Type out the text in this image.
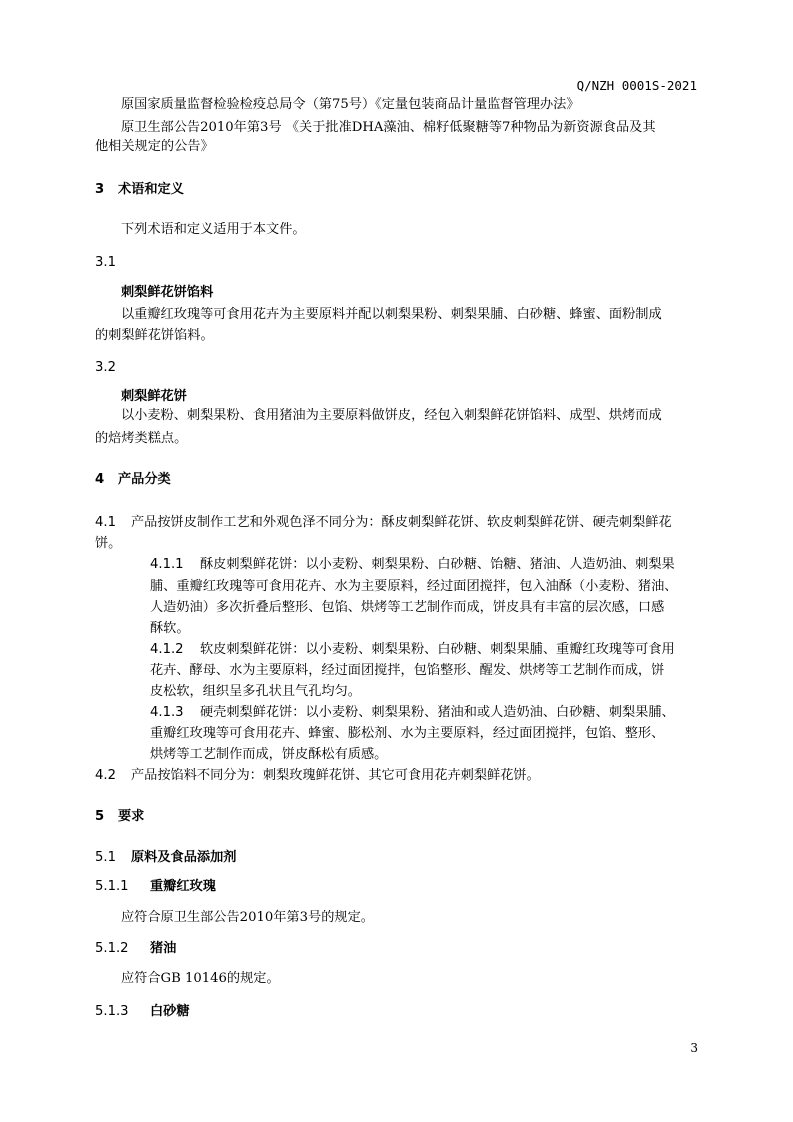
Q/NZH 0001S-2021
原国家质量监督检验检疫总局令（第75号）《定量包装商品计量监督管理办法》
原卫生部公告2010年第3号 《关于批准DHA藻油、棉籽低聚糖等7种物品为新资源食品及其
他相关规定的公告》
3 术语和定义
下列术语和定义适用于本文件。
3.1
刺梨鲜花饼馅料
以重瓣红玫瑰等可食用花卉为主要原料并配以刺梨果粉、刺梨果脯、白砂糖、蜂蜜、面粉制成
的刺梨鲜花饼馅料。
3.2
刺梨鲜花饼
以小麦粉、刺梨果粉、食用猪油为主要原料做饼皮，经包入刺梨鲜花饼馅料、成型、烘烤而成
的焙烤类糕点。
4 产品分类
4.1 产品按饼皮制作工艺和外观色泽不同分为：酥皮刺梨鲜花饼、软皮刺梨鲜花饼、硬壳刺梨鲜花
饼。
4.1.1 酥皮刺梨鲜花饼：以小麦粉、刺梨果粉、白砂糖、饴糖、猪油、人造奶油、刺梨果
脯、重瓣红玫瑰等可食用花卉、水为主要原料，经过面团搅拌，包入油酥（小麦粉、猪油、
人造奶油）多次折叠后整形、包馅、烘烤等工艺制作而成，饼皮具有丰富的层次感，口感
酥软。
4.1.2 软皮刺梨鲜花饼：以小麦粉、刺梨果粉、白砂糖、刺梨果脯、重瓣红玫瑰等可食用
花卉、酵母、水为主要原料，经过面团搅拌，包馅整形、醒发、烘烤等工艺制作而成，饼
皮松软，组织呈多孔状且气孔均匀。
4.1.3 硬壳刺梨鲜花饼：以小麦粉、刺梨果粉、猪油和或人造奶油、白砂糖、刺梨果脯、
重瓣红玫瑰等可食用花卉、蜂蜜、膨松剂、水为主要原料，经过面团搅拌，包馅、整形、
烘烤等工艺制作而成，饼皮酥松有质感。
4.2 产品按馅料不同分为：刺梨玫瑰鲜花饼、其它可食用花卉刺梨鲜花饼。
5 要求
5.1 原料及食品添加剂
5.1.1 重瓣红玫瑰
应符合原卫生部公告2010年第3号的规定。
5.1.2 猪油
应符合GB 10146的规定。
5.1.3 白砂糖
3
